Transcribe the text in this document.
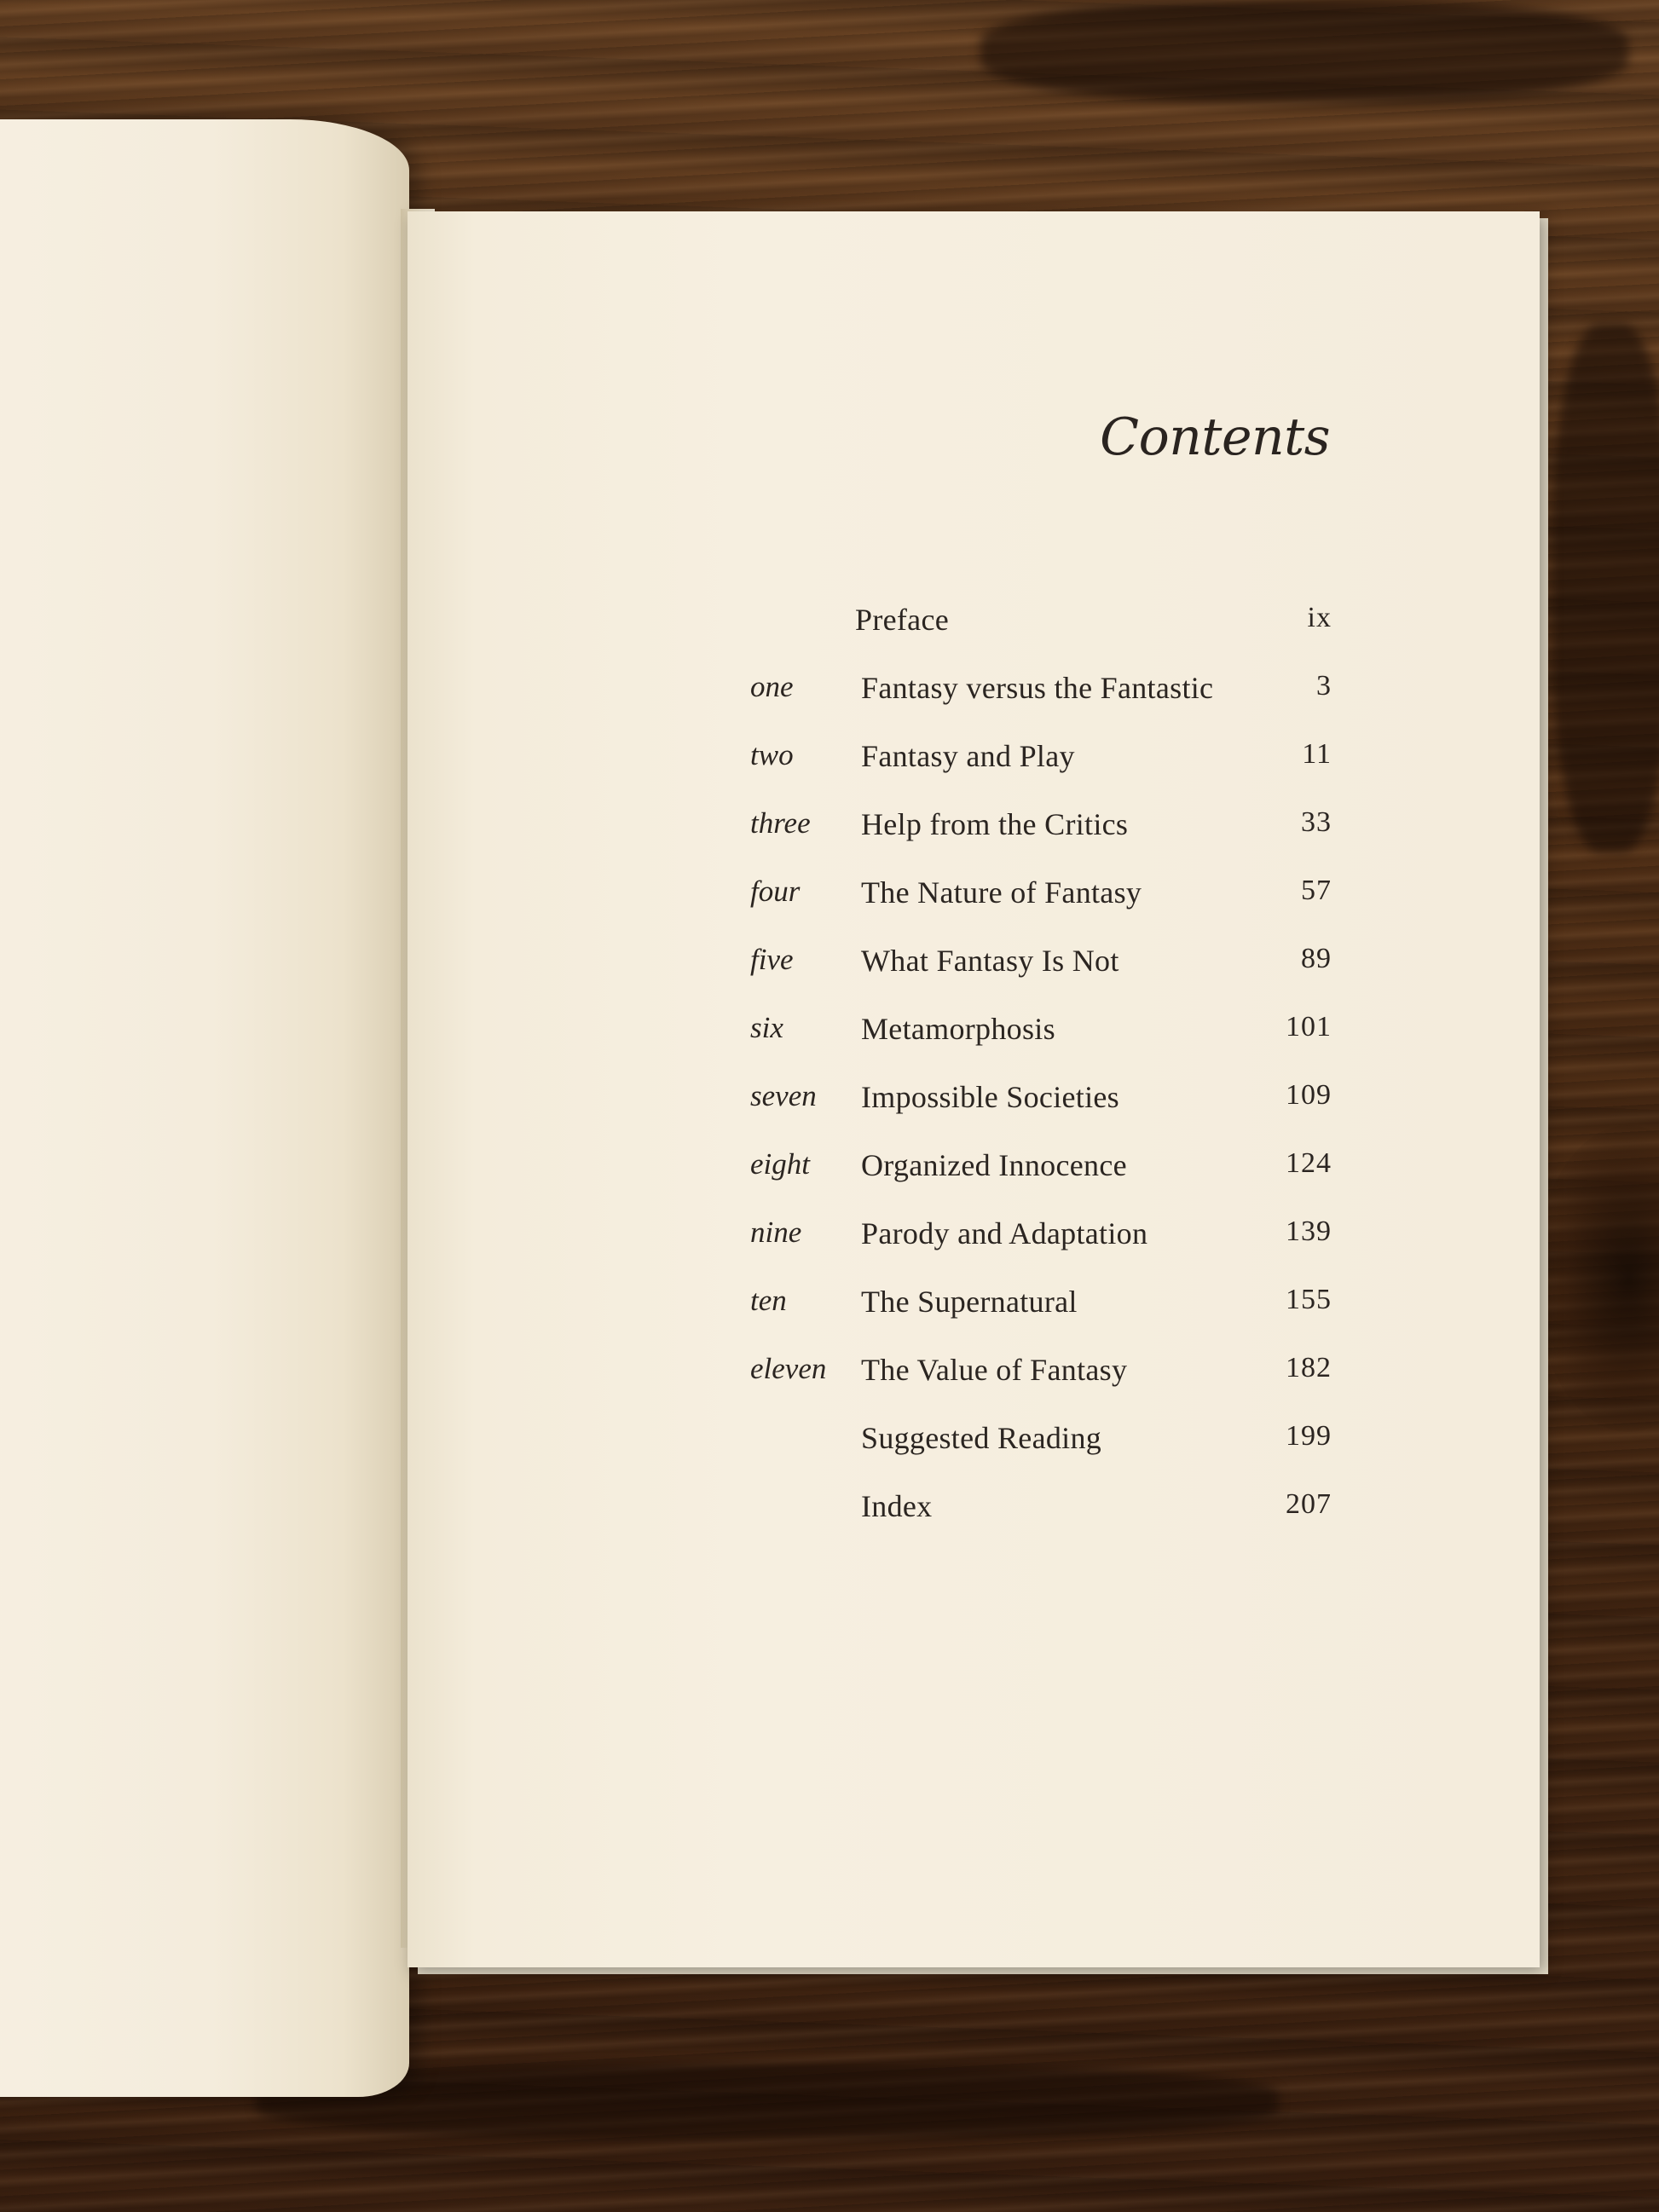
Contents
Preface	ix
one Fantasy versus the Fantastic	3
two Fantasy and Play	11
three Help from the Critics	33
four The Nature of Fantasy	57
five What Fantasy Is Not	89
six	Metamorphosis	101
seven Impossible Societies	109
eight Organized Innocence	124
nine Parody and Adaptation	139
ten The Supernatural	155
eleven The Value of Fantasy	182
Suggested Reading	199
Index	207
